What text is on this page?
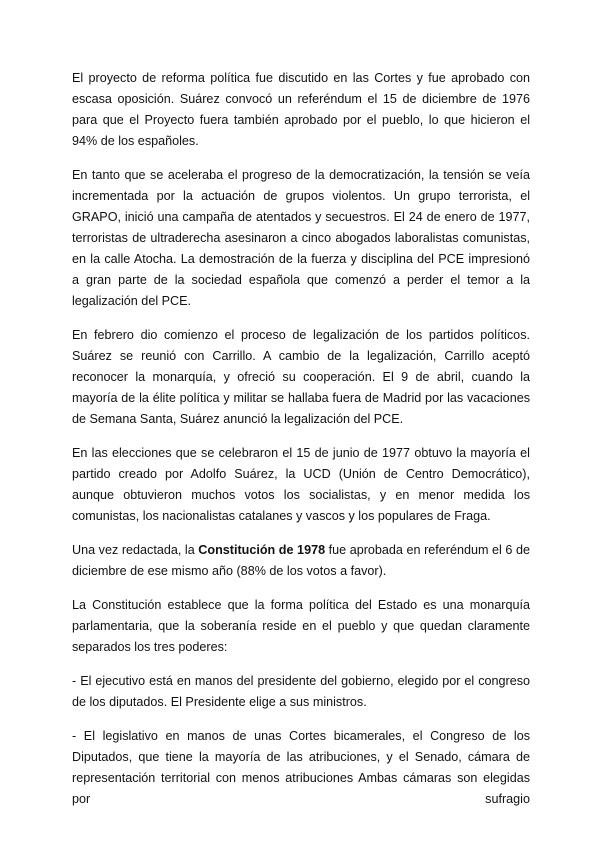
El proyecto de reforma política fue discutido en las Cortes y fue aprobado con escasa oposición. Suárez convocó un referéndum el 15 de diciembre de 1976 para que el Proyecto fuera también aprobado por el pueblo, lo que hicieron el 94% de los españoles.

En tanto que se aceleraba el progreso de la democratización, la tensión se veía incrementada por la actuación de grupos violentos. Un grupo terrorista, el GRAPO, inició una campaña de atentados y secuestros. El 24 de enero de 1977, terroristas de ultraderecha asesinaron a cinco abogados laboralistas comunistas, en la calle Atocha. La demostración de la fuerza y disciplina del PCE impresionó a gran parte de la sociedad española que comenzó a perder el temor a la legalización del PCE.

En febrero dio comienzo el proceso de legalización de los partidos políticos. Suárez se reunió con Carrillo. A cambio de la legalización, Carrillo aceptó reconocer la monarquía, y ofreció su cooperación. El 9 de abril, cuando la mayoría de la élite política y militar se hallaba fuera de Madrid por las vacaciones de Semana Santa, Suárez anunció la legalización del PCE.

En las elecciones que se celebraron el 15 de junio de 1977 obtuvo la mayoría el partido creado por Adolfo Suárez, la UCD (Unión de Centro Democrático), aunque obtuvieron muchos votos los socialistas, y en menor medida los comunistas, los nacionalistas catalanes y vascos y los populares de Fraga.

Una vez redactada, la Constitución de 1978 fue aprobada en referéndum el 6 de diciembre de ese mismo año (88% de los votos a favor).

La Constitución establece que la forma política del Estado es una monarquía parlamentaria, que la soberanía reside en el pueblo y que quedan claramente separados los tres poderes:

- El ejecutivo está en manos del presidente del gobierno, elegido por el congreso de los diputados. El Presidente elige a sus ministros.

- El legislativo en manos de unas Cortes bicamerales, el Congreso de los Diputados, que tiene la mayoría de las atribuciones, y el Senado, cámara de representación territorial con menos atribuciones Ambas cámaras son elegidas por sufragio
